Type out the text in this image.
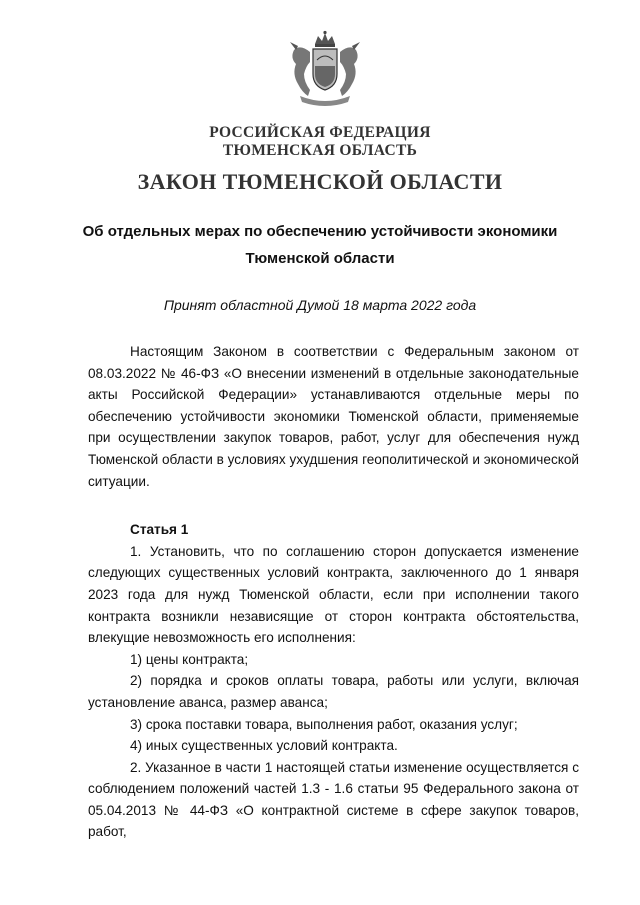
РОССИЙСКАЯ ФЕДЕРАЦИЯ
ТЮМЕНСКАЯ ОБЛАСТЬ
ЗАКОН ТЮМЕНСКОЙ ОБЛАСТИ
Об отдельных мерах по обеспечению устойчивости экономики
Тюменской области
Принят областной Думой 18 марта 2022 года

Настоящим Законом в соответствии с Федеральным законом от 08.03.2022 № 46-ФЗ «О внесении изменений в отдельные законодательные акты Российской Федерации» устанавливаются отдельные меры по обеспечению устойчивости экономики Тюменской области, применяемые при осуществлении закупок товаров, работ, услуг для обеспечения нужд Тюменской области в условиях ухудшения геополитической и экономической ситуации.

Статья 1

1. Установить, что по соглашению сторон допускается изменение следующих существенных условий контракта, заключенного до 1 января 2023 года для нужд Тюменской области, если при исполнении такого контракта возникли независящие от сторон контракта обстоятельства, влекущие невозможность его исполнения:

1) цены контракта;

2) порядка и сроков оплаты товара, работы или услуги, включая установление аванса, размер аванса;

3) срока поставки товара, выполнения работ, оказания услуг;

4) иных существенных условий контракта.

2. Указанное в части 1 настоящей статьи изменение осуществляется с соблюдением положений частей 1.3 - 1.6 статьи 95 Федерального закона от 05.04.2013 № 44-ФЗ «О контрактной системе в сфере закупок товаров, работ,
